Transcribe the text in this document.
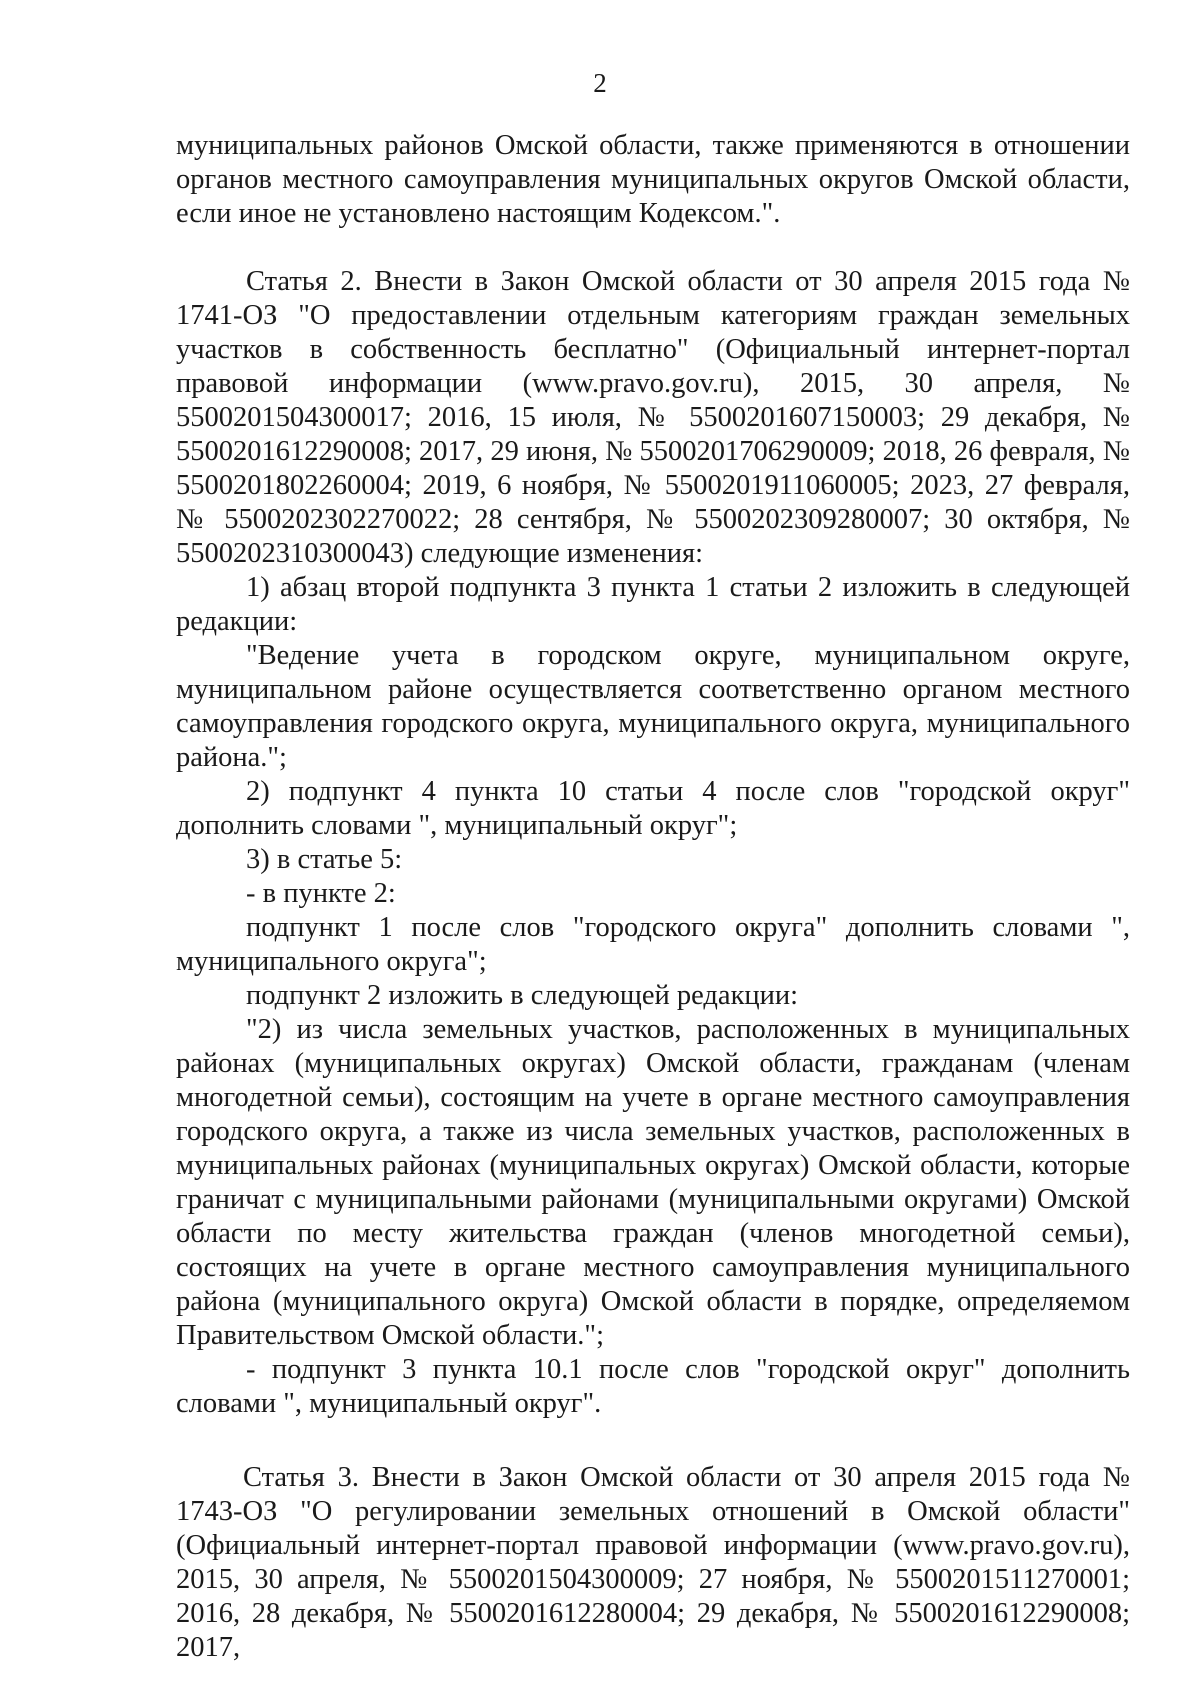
2

муниципальных районов Омской области, также применяются в отношении органов местного самоуправления муниципальных округов Омской области, если иное не установлено настоящим Кодексом.".

Статья 2. Внести в Закон Омской области от 30 апреля 2015 года № 1741-ОЗ "О предоставлении отдельным категориям граждан земельных участков в собственность бесплатно" (Официальный интернет-портал правовой информации (www.pravo.gov.ru), 2015, 30 апреля, № 5500201504300017; 2016, 15 июля, № 5500201607150003; 29 декабря, № 5500201612290008; 2017, 29 июня, № 5500201706290009; 2018, 26 февраля, № 5500201802260004; 2019, 6 ноября, № 5500201911060005; 2023, 27 февраля, № 5500202302270022; 28 сентября, № 5500202309280007; 30 октября, № 5500202310300043) следующие изменения:

1) абзац второй подпункта 3 пункта 1 статьи 2 изложить в следующей редакции:

"Ведение учета в городском округе, муниципальном округе, муниципальном районе осуществляется соответственно органом местного самоуправления городского округа, муниципального округа, муниципального района.";

2) подпункт 4 пункта 10 статьи 4 после слов "городской округ" дополнить словами ", муниципальный округ";

3) в статье 5:

- в пункте 2:

подпункт 1 после слов "городского округа" дополнить словами ", муниципального округа";

подпункт 2 изложить в следующей редакции:

"2) из числа земельных участков, расположенных в муниципальных районах (муниципальных округах) Омской области, гражданам (членам многодетной семьи), состоящим на учете в органе местного самоуправления городского округа, а также из числа земельных участков, расположенных в муниципальных районах (муниципальных округах) Омской области, которые граничат с муниципальными районами (муниципальными округами) Омской области по месту жительства граждан (членов многодетной семьи), состоящих на учете в органе местного самоуправления муниципального района (муниципального округа) Омской области в порядке, определяемом Правительством Омской области.";

- подпункт 3 пункта 10.1 после слов "городской округ" дополнить словами ", муниципальный округ".

Статья 3. Внести в Закон Омской области от 30 апреля 2015 года № 1743-ОЗ "О регулировании земельных отношений в Омской области" (Официальный интернет-портал правовой информации (www.pravo.gov.ru), 2015, 30 апреля, № 5500201504300009; 27 ноября, № 5500201511270001; 2016, 28 декабря, № 5500201612280004; 29 декабря, № 5500201612290008; 2017,
